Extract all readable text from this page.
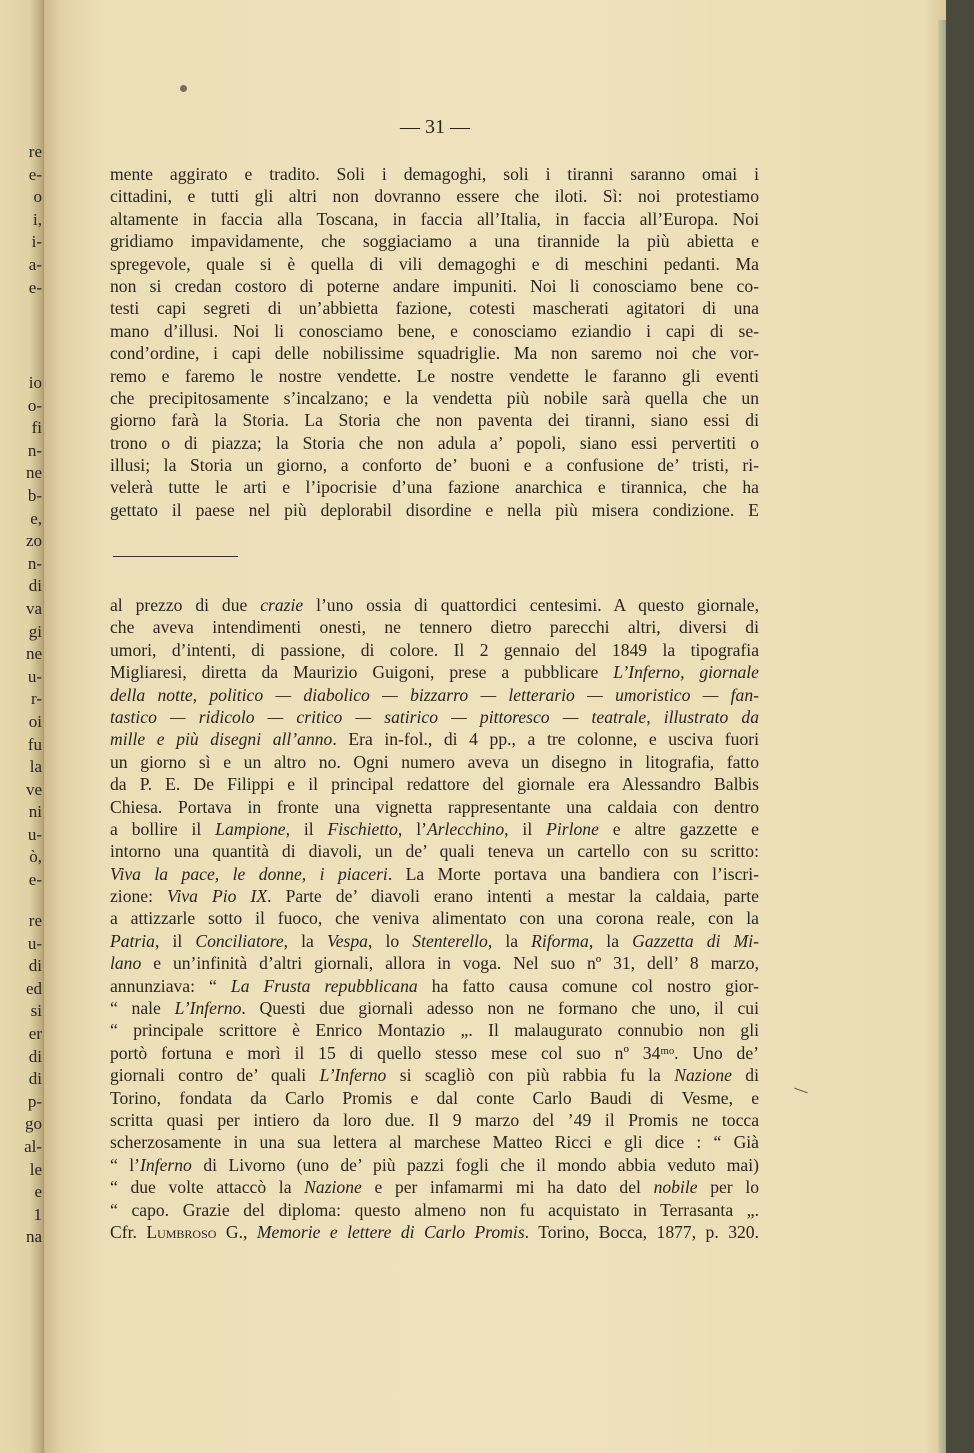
re
e-
o
i,
i-
a-
e-
io
o-
fi
n-
ne
b-
e,
zo
n-
di
va
gi
ne
u-
r-
oi
fu
la
ve
ni
u-
ò,
e-
re
u-
di
ed
si
er
di
di
p-
go
al-
le
e
1
na
— 31 —
mente aggirato e tradito. Soli i demagoghi, soli i tiranni saranno omai i
cittadini, e tutti gli altri non dovranno essere che iloti. Sì: noi protestiamo
altamente in faccia alla Toscana, in faccia all’Italia, in faccia all’Europa. Noi
gridiamo impavidamente, che soggiaciamo a una tirannide la più abietta e
spregevole, quale si è quella di vili demagoghi e di meschini pedanti. Ma
non si credan costoro di poterne andare impuniti. Noi li conosciamo bene co-
testi capi segreti di un’abbietta fazione, cotesti mascherati agitatori di una
mano d’illusi. Noi li conosciamo bene, e conosciamo eziandio i capi di se-
cond’ordine, i capi delle nobilissime squadriglie. Ma non saremo noi che vor-
remo e faremo le nostre vendette. Le nostre vendette le faranno gli eventi
che precipitosamente s’incalzano; e la vendetta più nobile sarà quella che un
giorno farà la Storia. La Storia che non paventa dei tiranni, siano essi di
trono o di piazza; la Storia che non adula a’ popoli, siano essi pervertiti o
illusi; la Storia un giorno, a conforto de’ buoni e a confusione de’ tristi, ri-
velerà tutte le arti e l’ipocrisie d’una fazione anarchica e tirannica, che ha
gettato il paese nel più deplorabil disordine e nella più misera condizione. E
al prezzo di due crazie l’uno ossia di quattordici centesimi. A questo giornale,
che aveva intendimenti onesti, ne tennero dietro parecchi altri, diversi di
umori, d’intenti, di passione, di colore. Il 2 gennaio del 1849 la tipografia
Migliaresi, diretta da Maurizio Guigoni, prese a pubblicare L’Inferno, giornale
della notte, politico — diabolico — bizzarro — letterario — umoristico — fan-
tastico — ridicolo — critico — satirico — pittoresco — teatrale, illustrato da
mille e più disegni all’anno. Era in-fol., di 4 pp., a tre colonne, e usciva fuori
un giorno sì e un altro no. Ogni numero aveva un disegno in litografia, fatto
da P. E. De Filippi e il principal redattore del giornale era Alessandro Balbis
Chiesa. Portava in fronte una vignetta rappresentante una caldaia con dentro
a bollire il Lampione, il Fischietto, l’Arlecchino, il Pirlone e altre gazzette e
intorno una quantità di diavoli, un de’ quali teneva un cartello con su scritto:
Viva la pace, le donne, i piaceri. La Morte portava una bandiera con l’iscri-
zione: Viva Pio IX. Parte de’ diavoli erano intenti a mestar la caldaia, parte
a attizzarle sotto il fuoco, che veniva alimentato con una corona reale, con la
Patria, il Conciliatore, la Vespa, lo Stenterello, la Riforma, la Gazzetta di Mi-
lano e un’infinità d’altri giornali, allora in voga. Nel suo nº 31, dell’ 8 marzo,
annunziava: “ La Frusta repubblicana ha fatto causa comune col nostro gior-
“ nale L’Inferno. Questi due giornali adesso non ne formano che uno, il cui
“ principale scrittore è Enrico Montazio „. Il malaugurato connubio non gli
portò fortuna e morì il 15 di quello stesso mese col suo nº 34ᵐᵒ. Uno de’
giornali contro de’ quali L’Inferno si scagliò con più rabbia fu la Nazione di
Torino, fondata da Carlo Promis e dal conte Carlo Baudi di Vesme, e
scritta quasi per intiero da loro due. Il 9 marzo del ’49 il Promis ne tocca
scherzosamente in una sua lettera al marchese Matteo Ricci e gli dice : “ Già
“ l’Inferno di Livorno (uno de’ più pazzi fogli che il mondo abbia veduto mai)
“ due volte attaccò la Nazione e per infamarmi mi ha dato del nobile per lo
“ capo. Grazie del diploma: questo almeno non fu acquistato in Terrasanta „.
Cfr. Lumbroso G., Memorie e lettere di Carlo Promis. Torino, Bocca, 1877, p. 320.
